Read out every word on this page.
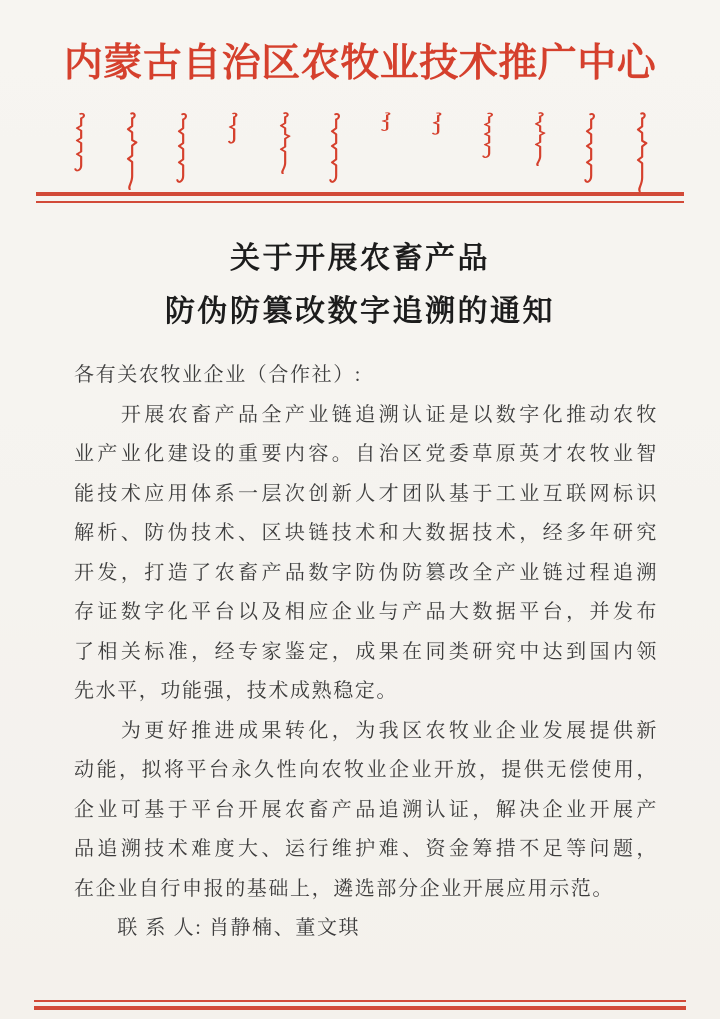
内蒙古自治区农牧业技术推广中心
关于开展农畜产品
防伪防篡改数字追溯的通知
各有关农牧业企业（合作社）:
　　开展农畜产品全产业链追溯认证是以数字化推动农牧
业产业化建设的重要内容。自治区党委草原英才农牧业智
能技术应用体系一层次创新人才团队基于工业互联网标识
解析、防伪技术、区块链技术和大数据技术，经多年研究
开发，打造了农畜产品数字防伪防篡改全产业链过程追溯
存证数字化平台以及相应企业与产品大数据平台，并发布
了相关标准，经专家鉴定，成果在同类研究中达到国内领
先水平，功能强，技术成熟稳定。
　　为更好推进成果转化，为我区农牧业企业发展提供新
动能，拟将平台永久性向农牧业企业开放，提供无偿使用，
企业可基于平台开展农畜产品追溯认证，解决企业开展产
品追溯技术难度大、运行维护难、资金筹措不足等问题，
在企业自行申报的基础上，遴选部分企业开展应用示范。
　　联 系 人: 肖静楠、董文琪
